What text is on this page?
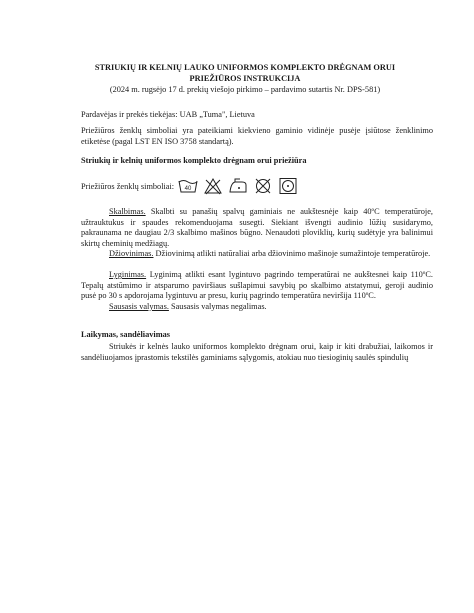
STRIUKIŲ IR KELNIŲ LAUKO UNIFORMOS KOMPLEKTO DRĖGNAM ORUI
PRIEŽIŪROS INSTRUKCIJA
(2024 m. rugsėjo 17 d. prekių viešojo pirkimo – pardavimo sutartis Nr. DPS-581)
Pardavėjas ir prekės tiekėjas: UAB „Tuma", Lietuva
Priežiūros ženklų simboliai yra pateikiami kiekvieno gaminio vidinėje pusėje įsiūtose ženklinimo etiketėse (pagal LST EN ISO 3758 standartą).
Striukių ir kelnių uniformos komplekto drėgnam orui priežiūra
Priežiūros ženklų simboliai: 40
Skalbimas. Skalbti su panašių spalvų gaminiais ne aukštesnėje kaip 40ºC temperatūroje, užtrauktukus ir spaudes rekomenduojama susegti. Siekiant išvengti audinio lūžių susidarymo, pakraunama ne daugiau 2/3 skalbimo mašinos būgno. Nenaudoti ploviklių, kurių sudėtyje yra balinimui skirtų cheminių medžiagų.
Džiovinimas. Džiovinimą atlikti natūraliai arba džiovinimo mašinoje sumažintoje temperatūroje.
Lyginimas. Lyginimą atlikti esant lygintuvo pagrindo temperatūrai ne aukštesnei kaip 110ºC. Tepalų atstūmimo ir atsparumo paviršiaus sušlapimui savybių po skalbimo atstatymui, geroji audinio pusė po 30 s apdorojama lygintuvu ar presu, kurių pagrindo temperatūra neviršija 110ºC.
Sausasis valymas. Sausasis valymas negalimas.
Laikymas, sandėliavimas
Striukės ir kelnės lauko uniformos komplekto drėgnam orui, kaip ir kiti drabužiai, laikomos ir sandėliuojamos įprastomis tekstilės gaminiams sąlygomis, atokiau nuo tiesioginių saulės spindulių
